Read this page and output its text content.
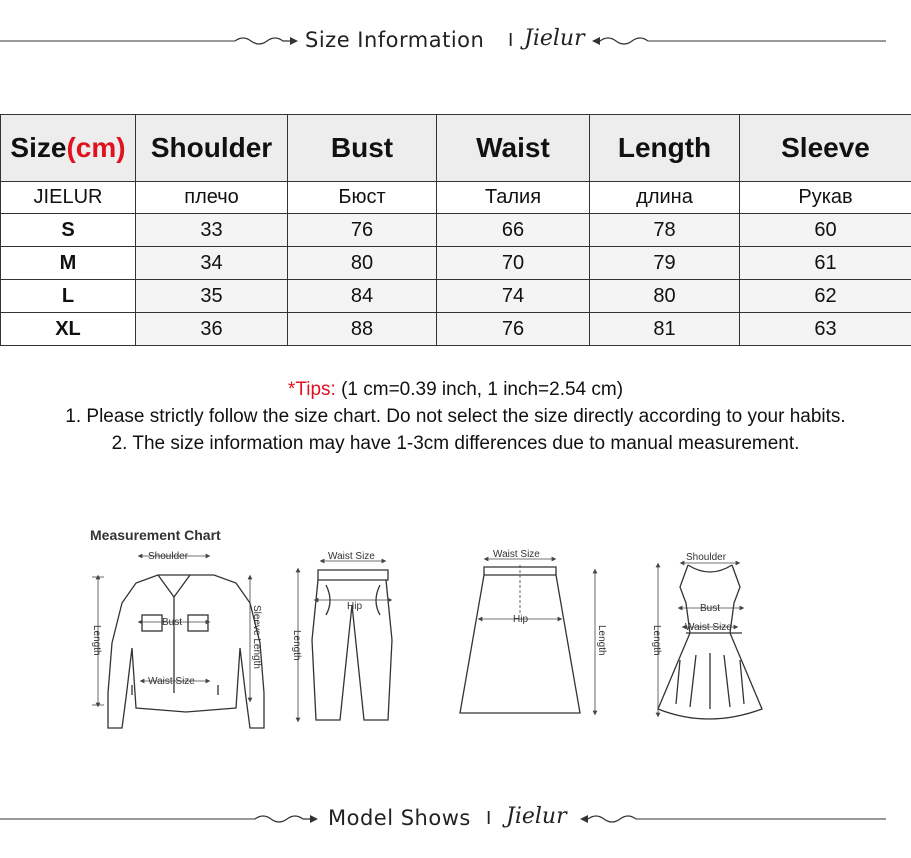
Size Information I Jielur
Size(cm)	Shoulder	Bust	Waist	Length	Sleeve
JIELUR	плечо	Бюст	Талия	длина	Рукав
S	33	76	66	78	60
M	34	80	70	79	61
L	35	84	74	80	62
XL	36	88	76	81	63
*Tips: (1 cm=0.39 inch, 1 inch=2.54 cm)
1. Please strictly follow the size chart. Do not select the size directly according to your habits.
2. The size information may have 1-3cm differences due to manual measurement.
Measurement Chart
Shoulder
Bust
Waist Size
Length	Sleeve Length
Waist Size
Hip
Length
Waist Size
Hip
Length
Shoulder
Bust
Waist Size
Length
Model Shows I Jielur
